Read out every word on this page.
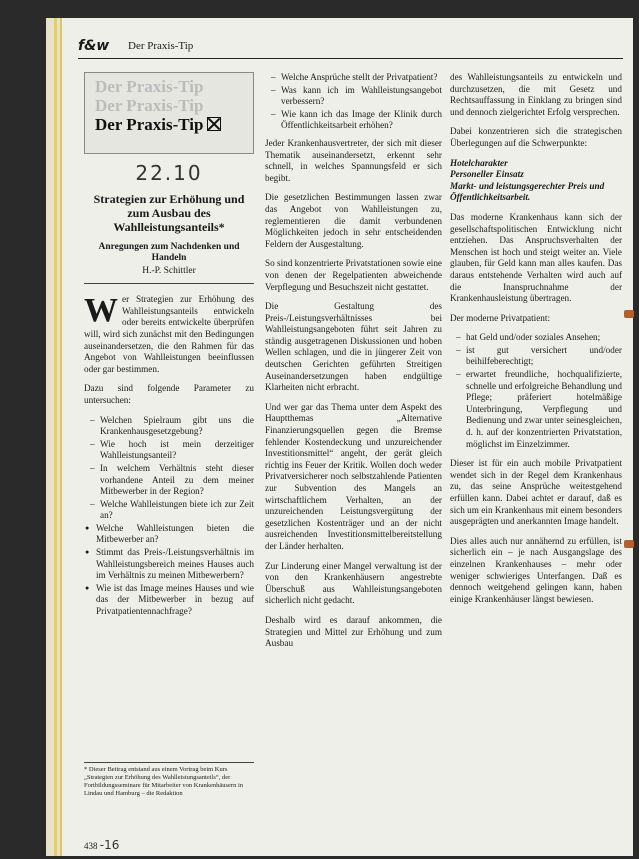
f&w	Der Praxis-Tip
Der Praxis-Tip
Der Praxis-Tip
Der Praxis-Tip
22.10
Strategien zur Erhöhung und zum Ausbau des Wahlleistungsanteils*
Anregungen zum Nachdenken und Handeln
H.-P. Schittler

Wer Strategien zur Erhöhung des Wahlleistungsanteils entwickeln oder bereits entwickelte überprüfen will, wird sich zunächst mit den Bedingungen auseinandersetzen, die den Rahmen für das Angebot von Wahlleistungen beeinflussen oder gar bestimmen.

Dazu sind folgende Parameter zu untersuchen:

– Welchen Spielraum gibt uns die Krankenhausgesetzgebung?
– Wie hoch ist mein derzeitiger Wahlleistungsanteil?
– In welchem Verhältnis steht dieser vorhandene Anteil zu dem meiner Mitbewerber in der Region?
– Welche Wahlleistungen biete ich zur Zeit an?
● Welche Wahlleistungen bieten die Mitbewerber an?
● Stimmt das Preis-/Leistungsverhältnis im Wahlleistungsbereich meines Hauses auch im Verhältnis zu meinen Mitbewerbern?
● Wie ist das Image meines Hauses und wie das der Mitbewerber in bezug auf Privatpatientennachfrage?
* Dieser Beitrag entstand aus einem Vortrag beim Kurs „Strategien zur Erhöhung des Wahlleistungsanteils“, der Fortbildungsseminare für Mitarbeiter von Krankenhäusern in Lindau und Hamburg – die Redaktion
438 -16
– Welche Ansprüche stellt der Privatpatient?
– Was kann ich im Wahlleistungsangebot verbessern?
– Wie kann ich das Image der Klinik durch Öffentlichkeitsarbeit erhöhen?

Jeder Krankenhausvertreter, der sich mit dieser Thematik auseinandersetzt, erkennt sehr schnell, in welches Spannungsfeld er sich begibt.

Die gesetzlichen Bestimmungen lassen zwar das Angebot von Wahlleistungen zu, reglementieren die damit verbundenen Möglichkeiten jedoch in sehr entscheidenden Feldern der Ausgestaltung.

So sind konzentrierte Privatstationen sowie eine von denen der Regelpatienten abweichende Verpflegung und Besuchszeit nicht gestattet.

Die Gestaltung des Preis-/Leistungsverhältnisses bei Wahlleistungsangeboten führt seit Jahren zu ständig ausgetragenen Diskussionen und hoben Wellen schlagen, und die in jüngerer Zeit von deutschen Gerichten geführten Streitigen Auseinandersetzungen haben endgültige Klarheiten nicht erbracht.

Und wer gar das Thema unter dem Aspekt des Hauptthemas „Alternative Finanzierungsquellen gegen die Bremse fehlender Kostendeckung und unzureichender Investitionsmittel“ angeht, der gerät gleich richtig ins Feuer der Kritik. Wollen doch weder Privatversicherer noch selbstzahlende Patienten zur Subvention des Mangels an wirtschaftlichem Verhalten, an der unzureichenden Leistungsvergütung der gesetzlichen Kostenträger und an der nicht ausreichenden Investitionsmittelbereitstellung der Länder herhalten.

Zur Linderung einer Mangel verwaltung ist der von den Krankenhäusern angestrebte Überschuß aus Wahlleistungsangeboten sicherlich nicht gedacht.

Deshalb wird es darauf ankommen, die Strategien und Mittel zur Erhöhung und zum Ausbau

des Wahlleistungsanteils zu entwickeln und durchzusetzen, die mit Gesetz und Rechtsauffassung in Einklang zu bringen sind und dennoch zielgerichtet Erfolg versprechen.

Dabei konzentrieren sich die strategischen Überlegungen auf die Schwerpunkte:

Hotelcharakter
Personeller Einsatz
Markt- und leistungsgerechter Preis und
Öffentlichkeitsarbeit.

Das moderne Krankenhaus kann sich der gesellschaftspolitischen Entwicklung nicht entziehen. Das Anspruchsverhalten der Menschen ist hoch und steigt weiter an. Viele glauben, für Geld kann man alles kaufen. Das daraus entstehende Verhalten wird auch auf die Inanspruchnahme der Krankenhausleistung übertragen.

Der moderne Privatpatient:

– hat Geld und/oder soziales Ansehen;
– ist gut versichert und/oder beihilfeberechtigt;
– erwartet freundliche, hochqualifizierte, schnelle und erfolgreiche Behandlung und Pflege; präferiert hotelmäßige Unterbringung, Verpflegung und Bedienung und zwar unter seinesgleichen, d. h. auf der konzentrierten Privatstation, möglichst im Einzelzimmer.

Dieser ist für ein auch mobile Privatpatient wendet sich in der Regel dem Krankenhaus zu, das seine Ansprüche weitestgehend erfüllen kann. Dabei achtet er darauf, daß es sich um ein Krankenhaus mit einem besonders ausgeprägten und anerkannten Image handelt.

Dies alles auch nur annähernd zu erfüllen, ist sicherlich ein – je nach Ausgangslage des einzelnen Krankenhauses – mehr oder weniger schwieriges Unterfangen. Daß es dennoch weitgehend gelingen kann, haben einige Krankenhäuser längst bewiesen.
